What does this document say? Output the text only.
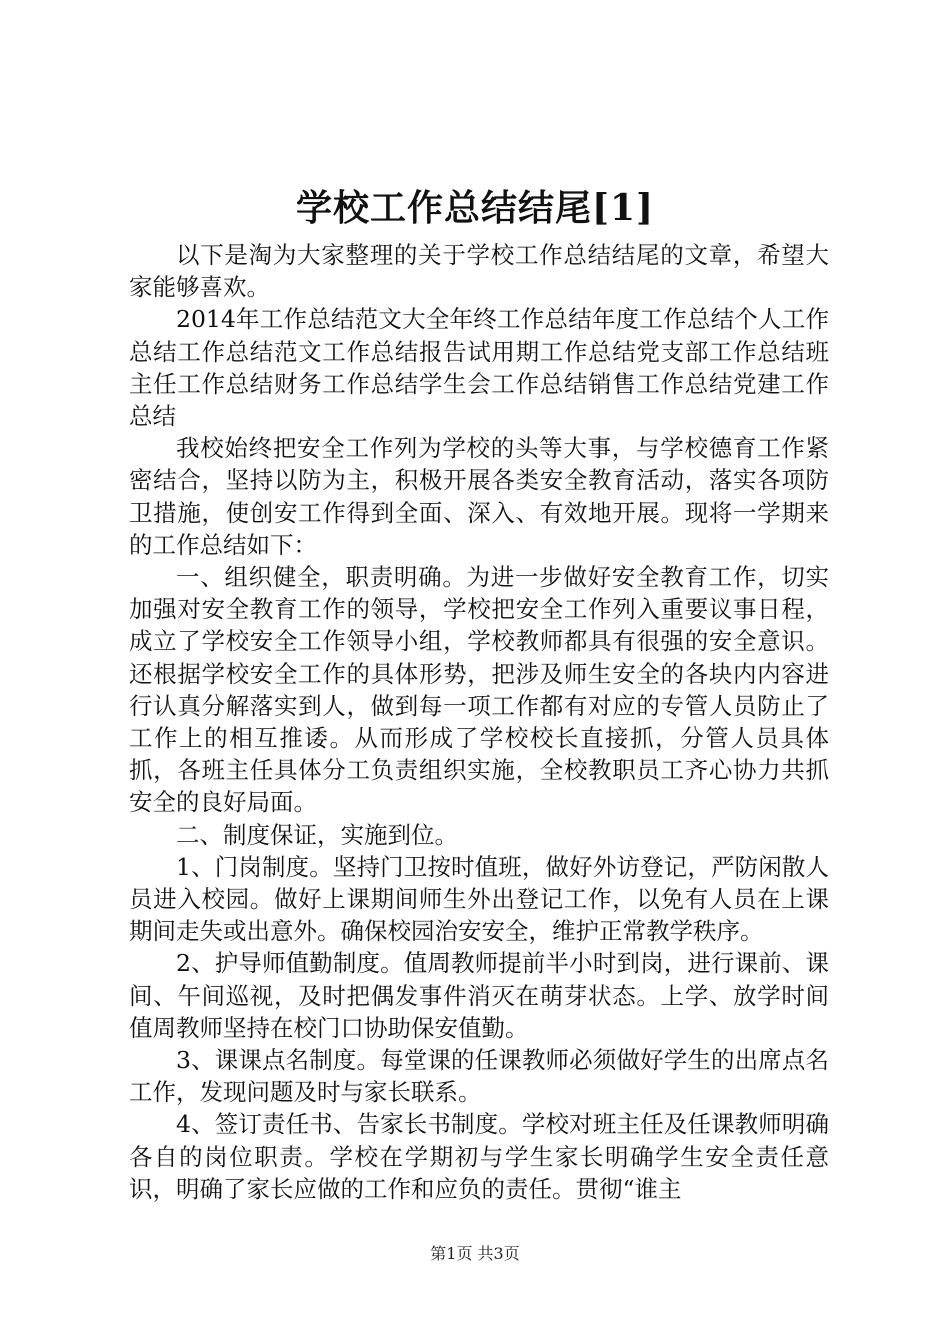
学校工作总结结尾[1]

以下是淘为大家整理的关于学校工作总结结尾的文章，希望大家能够喜欢。

2014年工作总结范文大全年终工作总结年度工作总结个人工作总结工作总结范文工作总结报告试用期工作总结党支部工作总结班主任工作总结财务工作总结学生会工作总结销售工作总结党建工作总结

我校始终把安全工作列为学校的头等大事，与学校德育工作紧密结合，坚持以防为主，积极开展各类安全教育活动，落实各项防卫措施，使创安工作得到全面、深入、有效地开展。现将一学期来的工作总结如下：

一、组织健全，职责明确。为进一步做好安全教育工作，切实加强对安全教育工作的领导，学校把安全工作列入重要议事日程，成立了学校安全工作领导小组，学校教师都具有很强的安全意识。还根据学校安全工作的具体形势，把涉及师生安全的各块内内容进行认真分解落实到人，做到每一项工作都有对应的专管人员防止了工作上的相互推诿。从而形成了学校校长直接抓，分管人员具体抓，各班主任具体分工负责组织实施，全校教职员工齐心协力共抓安全的良好局面。

二、制度保证，实施到位。

1、门岗制度。坚持门卫按时值班，做好外访登记，严防闲散人员进入校园。做好上课期间师生外出登记工作，以免有人员在上课期间走失或出意外。确保校园治安安全，维护正常教学秩序。

2、护导师值勤制度。值周教师提前半小时到岗，进行课前、课间、午间巡视，及时把偶发事件消灭在萌芽状态。上学、放学时间值周教师坚持在校门口协助保安值勤。

3、课课点名制度。每堂课的任课教师必须做好学生的出席点名工作，发现问题及时与家长联系。

4、签订责任书、告家长书制度。学校对班主任及任课教师明确各自的岗位职责。学校在学期初与学生家长明确学生安全责任意识，明确了家长应做的工作和应负的责任。贯彻“谁主

第1页 共3页
